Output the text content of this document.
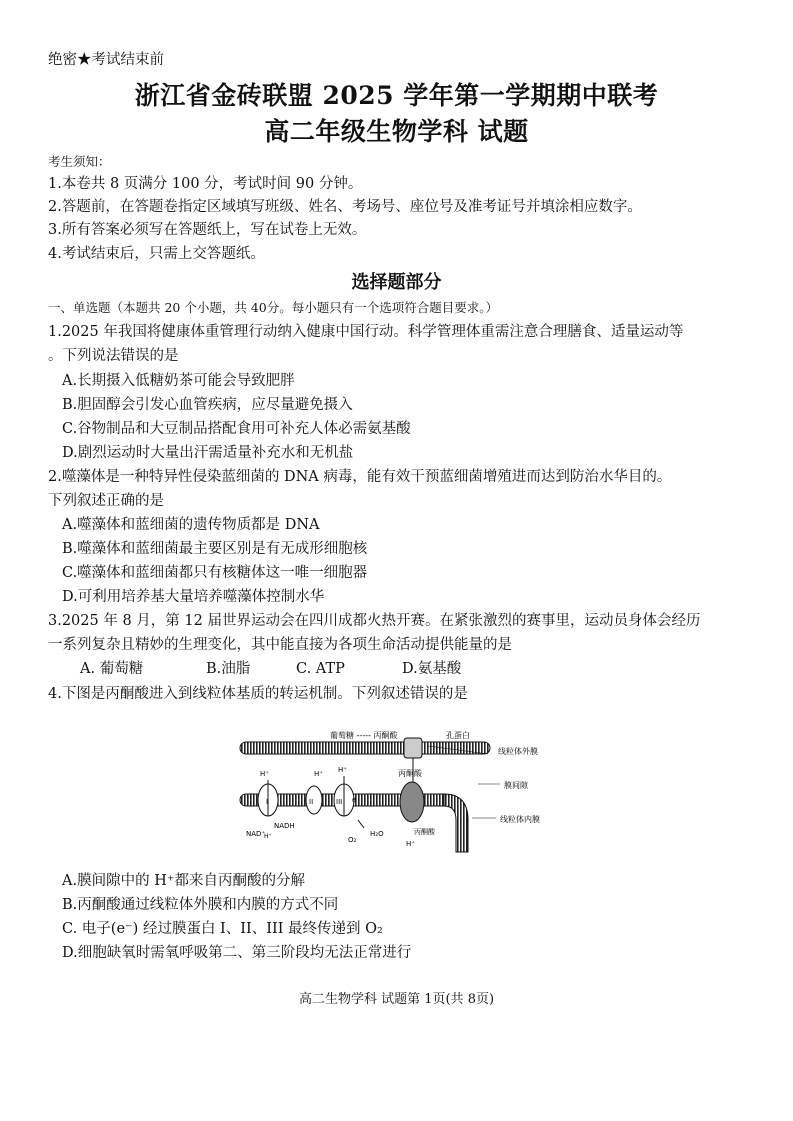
绝密★考试结束前
浙江省金砖联盟 2025 学年第一学期期中联考
高二年级生物学科 试题
考生须知：
1.本卷共 8 页满分 100 分，考试时间 90 分钟。
2.答题前，在答题卷指定区域填写班级、姓名、考场号、座位号及准考证号并填涂相应数字。
3.所有答案必须写在答题纸上，写在试卷上无效。
4.考试结束后，只需上交答题纸。
选择题部分
一、单选题（本题共 20 个小题，共 40分。每小题只有一个选项符合题目要求。）
1.2025 年我国将健康体重管理行动纳入健康中国行动。科学管理体重需注意合理膳食、适量运动等
。下列说法错误的是
A.长期摄入低糖奶茶可能会导致肥胖
B.胆固醇会引发心血管疾病，应尽量避免摄入
C.谷物制品和大豆制品搭配食用可补充人体必需氨基酸
D.剧烈运动时大量出汗需适量补充水和无机盐
2.噬藻体是一种特异性侵染蓝细菌的 DNA 病毒，能有效干预蓝细菌增殖进而达到防治水华目的。
下列叙述正确的是
A.噬藻体和蓝细菌的遗传物质都是 DNA
B.噬藻体和蓝细菌最主要区别是有无成形细胞核
C.噬藻体和蓝细菌都只有核糖体这一唯一细胞器
D.可利用培养基大量培养噬藻体控制水华
3.2025 年 8 月，第 12 届世界运动会在四川成都火热开赛。在紧张激烈的赛事里，运动员身体会经历
一系列复杂且精妙的生理变化，其中能直接为各项生命活动提供能量的是
A. 葡萄糖	B.油脂	C. ATP	D.氨基酸
4.下图是丙酮酸进入到线粒体基质的转运机制。下列叙述错误的是
葡萄糖 ----- 丙酮酸	孔蛋白
线粒体外膜
丙酮酸
膜间隙
线粒体内膜
丙酮酸
H⁺	H⁺ H⁺
H⁺
NAD⁺
NADH
H⁺	O₂
H₂O
e
I	II	III
A.膜间隙中的 H⁺都来自丙酮酸的分解
B.丙酮酸通过线粒体外膜和内膜的方式不同
C. 电子(e⁻) 经过膜蛋白 I、II、III 最终传递到 O₂
D.细胞缺氧时需氧呼吸第二、第三阶段均无法正常进行
高二生物学科 试题第 1页(共 8页)
